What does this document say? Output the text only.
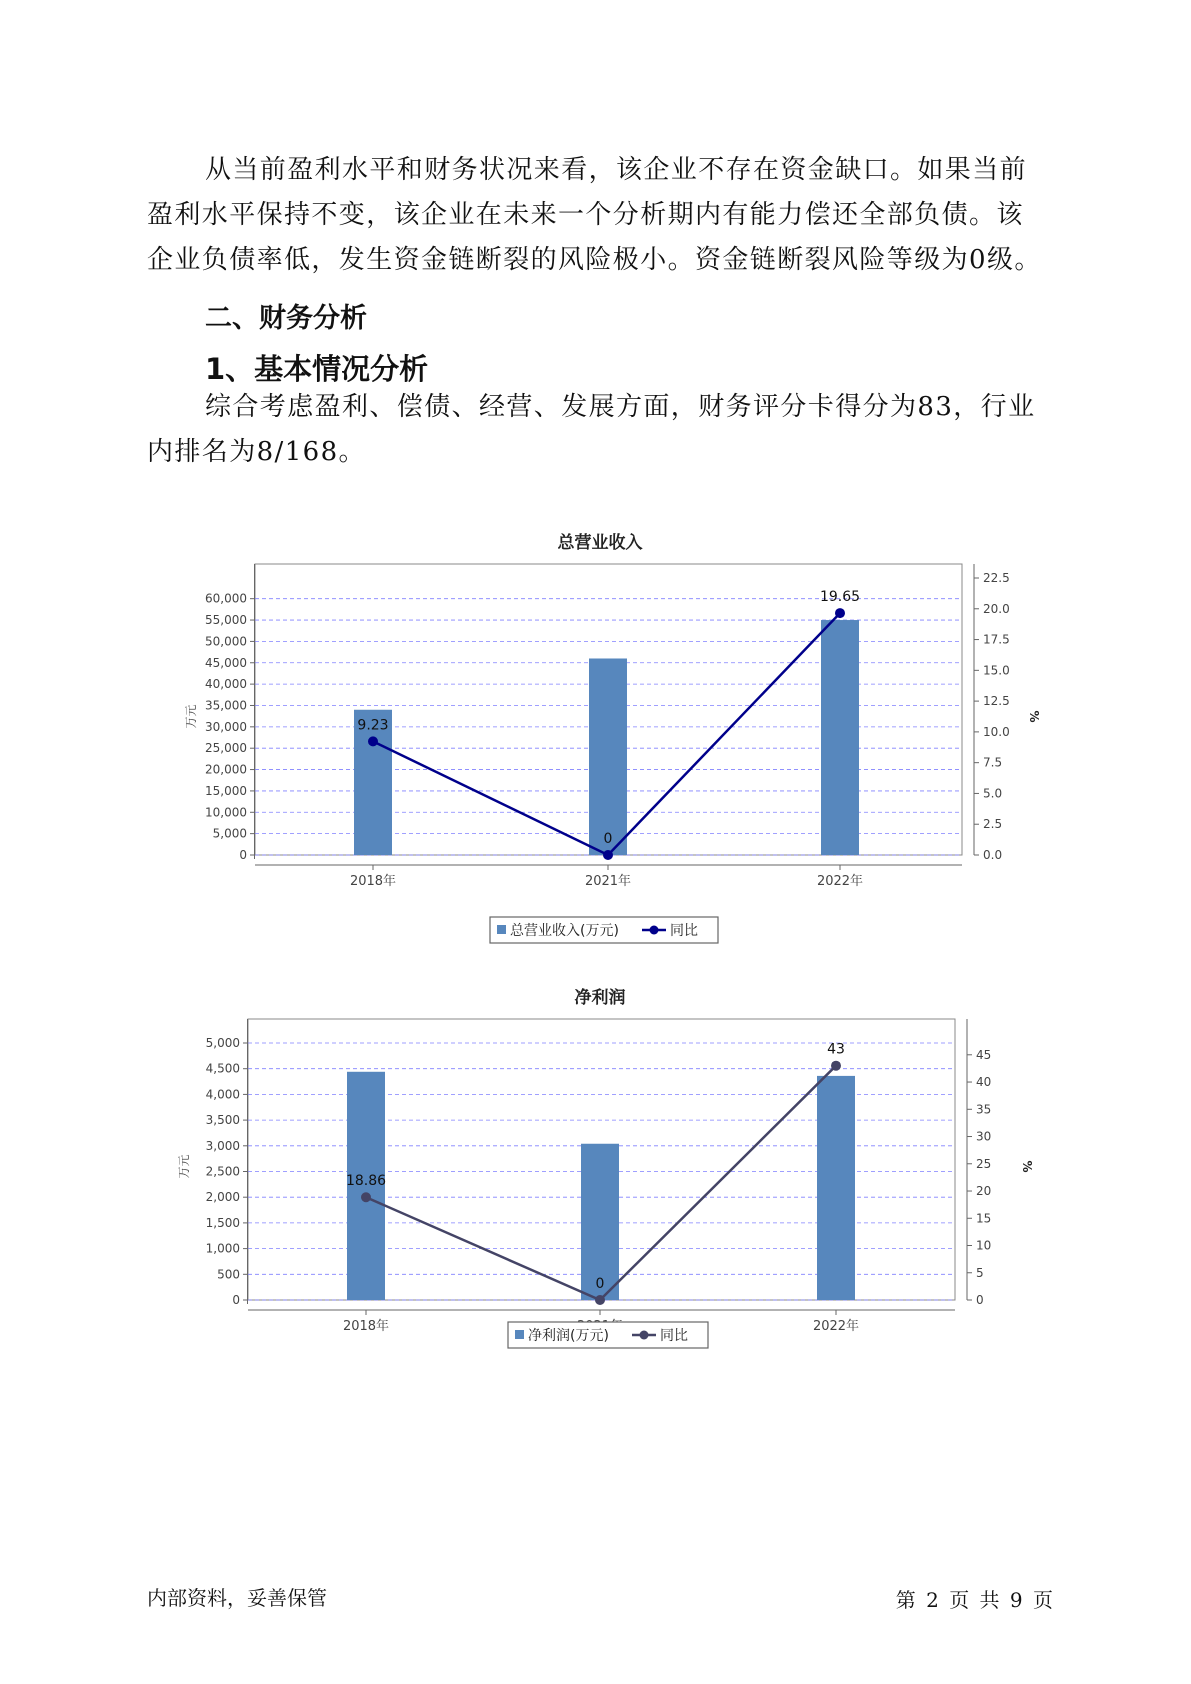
从当前盈利水平和财务状况来看，该企业不存在资金缺口。如果当前盈利水平保持不变，该企业在未来一个分析期内有能力偿还全部负债。该企业负债率低，发生资金链断裂的风险极小。资金链断裂风险等级为0级。

二、财务分析
1、基本情况分析

综合考虑盈利、偿债、经营、发展方面，财务评分卡得分为83，行业内排名为8/168。

总营业收入
0
5,000
10,000
15,000
20,000
25,000
30,000
35,000
40,000
45,000
50,000
55,000
60,000
0.0
2.5
5.0
7.5
10.0
12.5
15.0
17.5
20.0
22.5
万元	%
2018年	2021年	2022年
9.23
0
19.65
总营业收入(万元)	同比
净利润
0
500
1,000
1,500
2,000
2,500
3,000
3,500
4,000
4,500
5,000
0
5
10
15
20
25
30
35
40
45
万元	%
2018年	2022年
18.86
0
43
净利润(万元)	同比
内部资料，妥善保管	第 2 页 共 9 页
